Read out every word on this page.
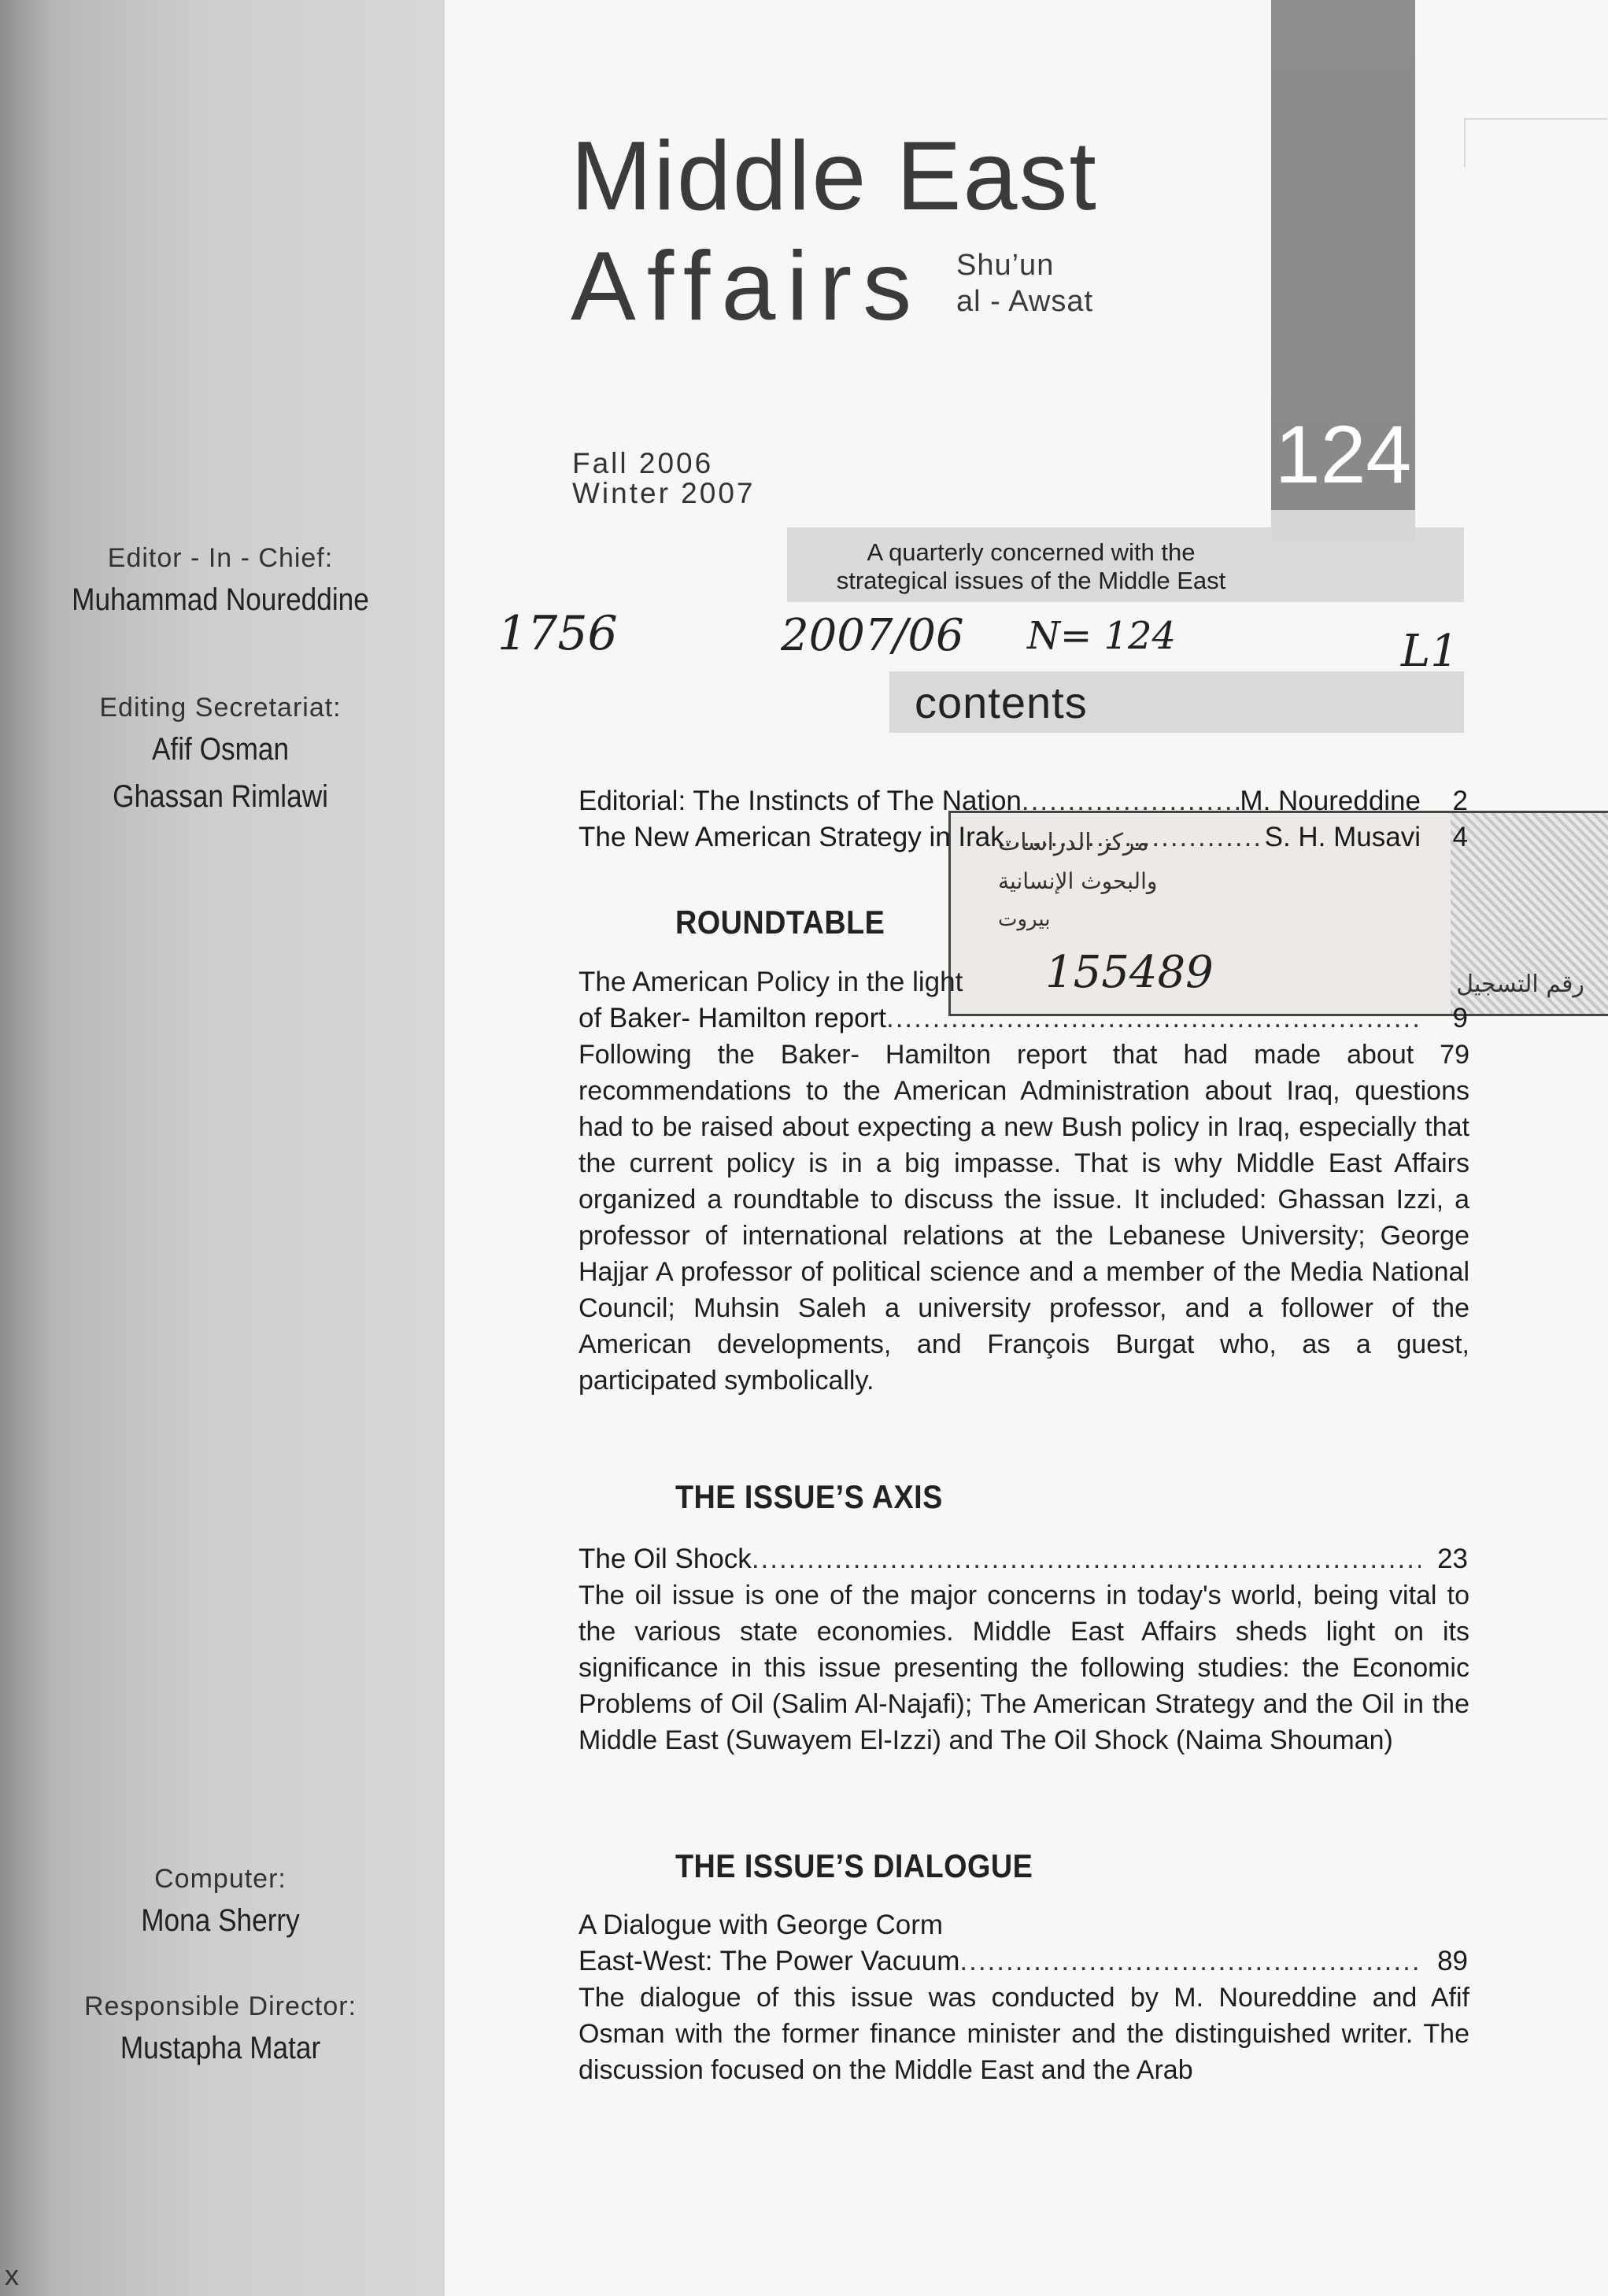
124
Middle East
Affairs Shu’un
al - Awsat
Fall 2006
Winter 2007
A quarterly concerned with the
strategical issues of the Middle East
contents
Editor - In - Chief:
Muhammad Noureddine
Editing Secretariat:
Afif Osman
Ghassan Rimlawi
Computer:
Mona Sherry
Responsible Director:
Mustapha Matar
1756	2007/06 N= 124	L1
مركز الدراسات
والبحوث الإنسانية
بيروت
رقم التسجيل
155489
Editorial: The Instincts of The Nation .....	M. Noureddine	2
The New American Strategy in Irak .....	S. H. Musavi	4
ROUNDTABLE
The American Policy in the light
of Baker- Hamilton report .....	9
Following the Baker- Hamilton report that had made about 79 recommendations to the American Administration about Iraq, questions had to be raised about expecting a new Bush policy in Iraq, especially that the current policy is in a big impasse. That is why Middle East Affairs organized a roundtable to discuss the issue. It included: Ghassan Izzi, a professor of international relations at the Lebanese University; George Hajjar A professor of political science and a member of the Media National Council; Muhsin Saleh a university professor, and a follower of the American developments, and François Burgat who, as a guest, participated symbolically.
THE ISSUE’S AXIS
The Oil Shock .....	23
The oil issue is one of the major concerns in today's world, being vital to the various state economies. Middle East Affairs sheds light on its significance in this issue presenting the following studies: the Economic Problems of Oil (Salim Al-Najafi); The American Strategy and the Oil in the Middle East (Suwayem El-Izzi) and The Oil Shock (Naima Shouman)
THE ISSUE’S DIALOGUE
A Dialogue with George Corm
East-West: The Power Vacuum .....	89
The dialogue of this issue was conducted by M. Noureddine and Afif Osman with the former finance minister and the distinguished writer. The discussion focused on the Middle East and the Arab
x
